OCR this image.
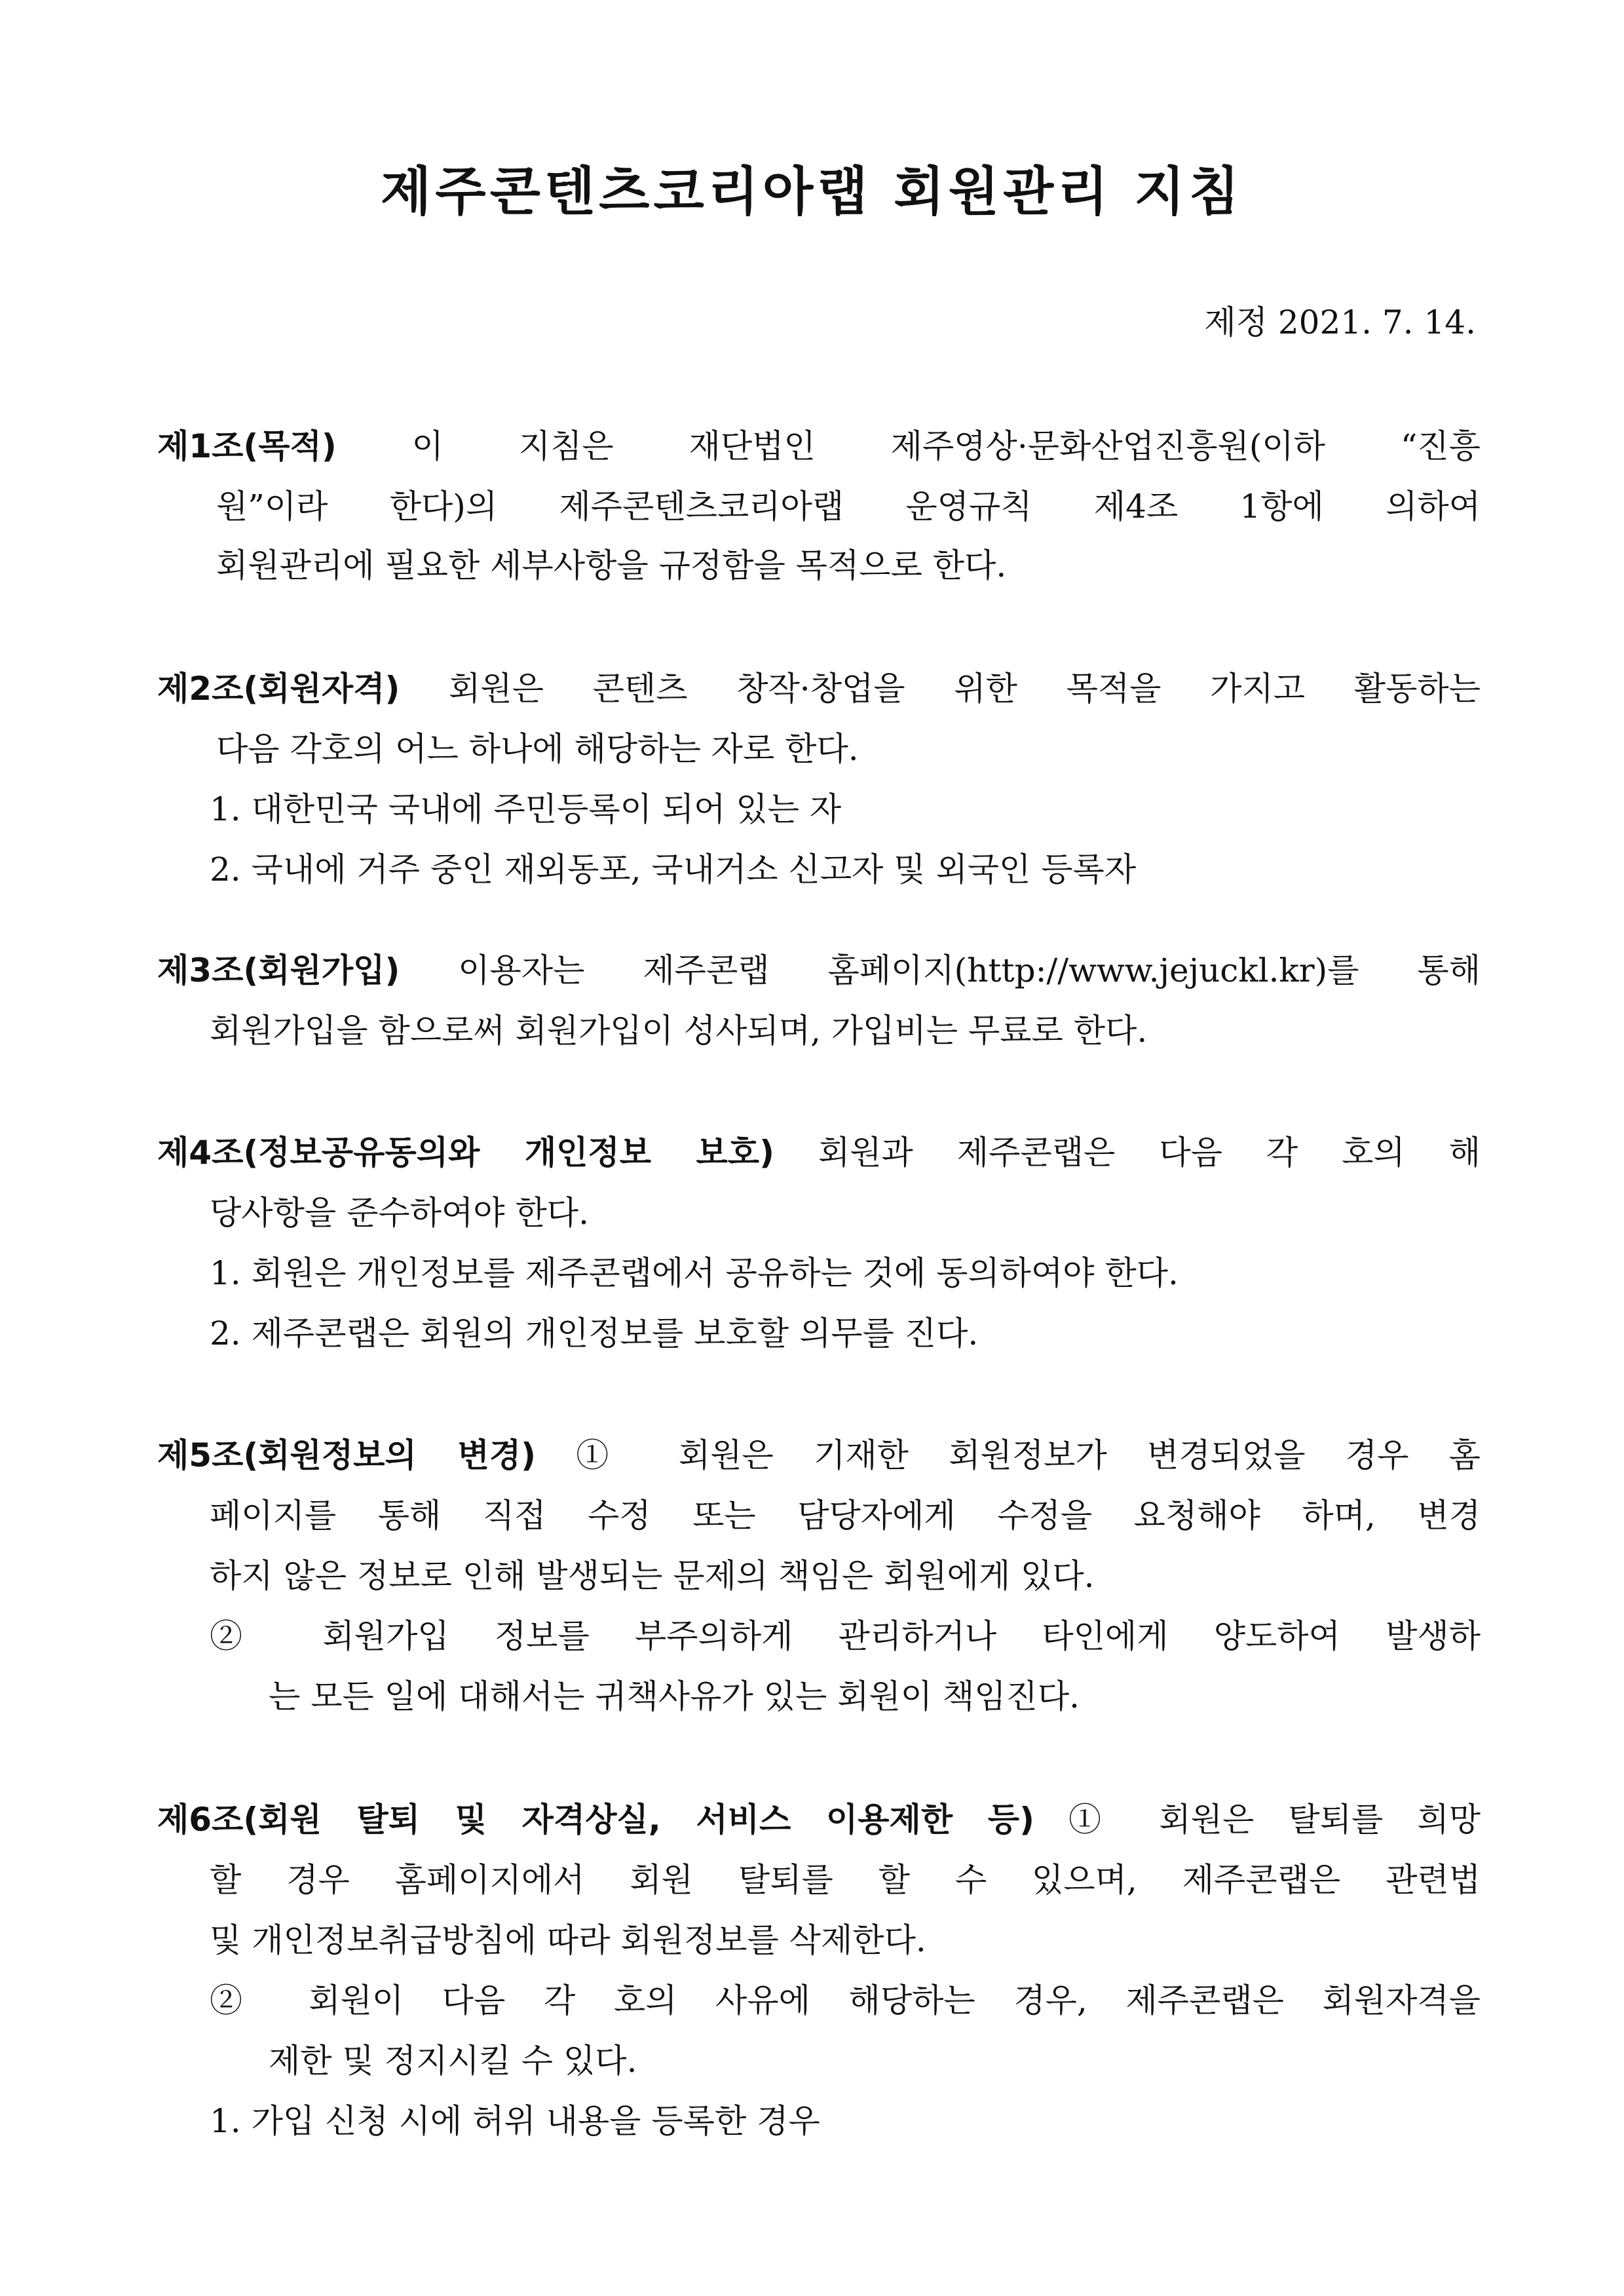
제주콘텐츠코리아랩 회원관리 지침
제정 2021. 7. 14.
제1조(목적) 이 지침은 재단법인 제주영상·문화산업진흥원(이하 “진흥
원”이라 한다)의 제주콘텐츠코리아랩 운영규칙 제4조 1항에 의하여
회원관리에 필요한 세부사항을 규정함을 목적으로 한다.
제2조(회원자격) 회원은 콘텐츠 창작·창업을 위한 목적을 가지고 활동하는
다음 각호의 어느 하나에 해당하는 자로 한다.
1. 대한민국 국내에 주민등록이 되어 있는 자
2. 국내에 거주 중인 재외동포, 국내거소 신고자 및 외국인 등록자
제3조(회원가입) 이용자는 제주콘랩 홈페이지(http://www.jejuckl.kr)를 통해
회원가입을 함으로써 회원가입이 성사되며, 가입비는 무료로 한다.
제4조(정보공유동의와 개인정보 보호) 회원과 제주콘랩은 다음 각 호의 해
당사항을 준수하여야 한다.
1. 회원은 개인정보를 제주콘랩에서 공유하는 것에 동의하여야 한다.
2. 제주콘랩은 회원의 개인정보를 보호할 의무를 진다.
제5조(회원정보의 변경) ① 회원은 기재한 회원정보가 변경되었을 경우 홈
페이지를 통해 직접 수정 또는 담당자에게 수정을 요청해야 하며, 변경
하지 않은 정보로 인해 발생되는 문제의 책임은 회원에게 있다.
② 회원가입 정보를 부주의하게 관리하거나 타인에게 양도하여 발생하
는 모든 일에 대해서는 귀책사유가 있는 회원이 책임진다.
제6조(회원 탈퇴 및 자격상실, 서비스 이용제한 등) ① 회원은 탈퇴를 희망
할 경우 홈페이지에서 회원 탈퇴를 할 수 있으며, 제주콘랩은 관련법
및 개인정보취급방침에 따라 회원정보를 삭제한다.
② 회원이 다음 각 호의 사유에 해당하는 경우, 제주콘랩은 회원자격을
제한 및 정지시킬 수 있다.
1. 가입 신청 시에 허위 내용을 등록한 경우
